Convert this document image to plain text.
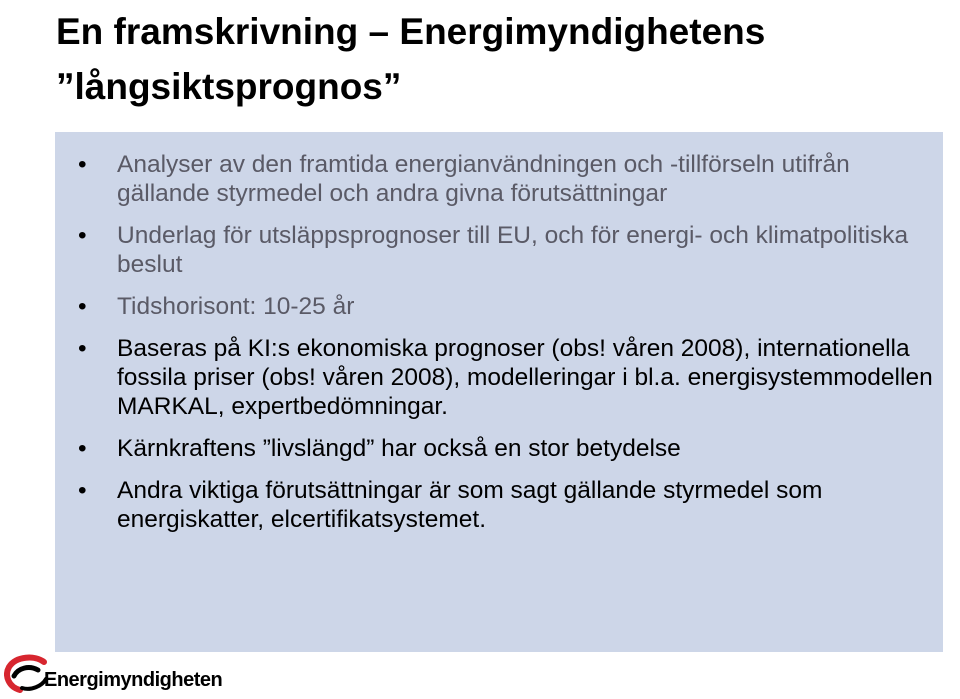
En framskrivning – Energimyndighetens
”långsiktsprognos”
• Analyser av den framtida energianvändningen och -tillförseln utifrån gällande styrmedel och andra givna förutsättningar
• Underlag för utsläppsprognoser till EU, och för energi- och klimatpolitiska beslut
• Tidshorisont: 10-25 år
• Baseras på KI:s ekonomiska prognoser (obs! våren 2008), internationella fossila priser (obs! våren 2008), modelleringar i bl.a. energisystemmodellen MARKAL, expertbedömningar.
• Kärnkraftens ”livslängd” har också en stor betydelse
• Andra viktiga förutsättningar är som sagt gällande styrmedel som energiskatter, elcertifikatsystemet.
Energimyndigheten
